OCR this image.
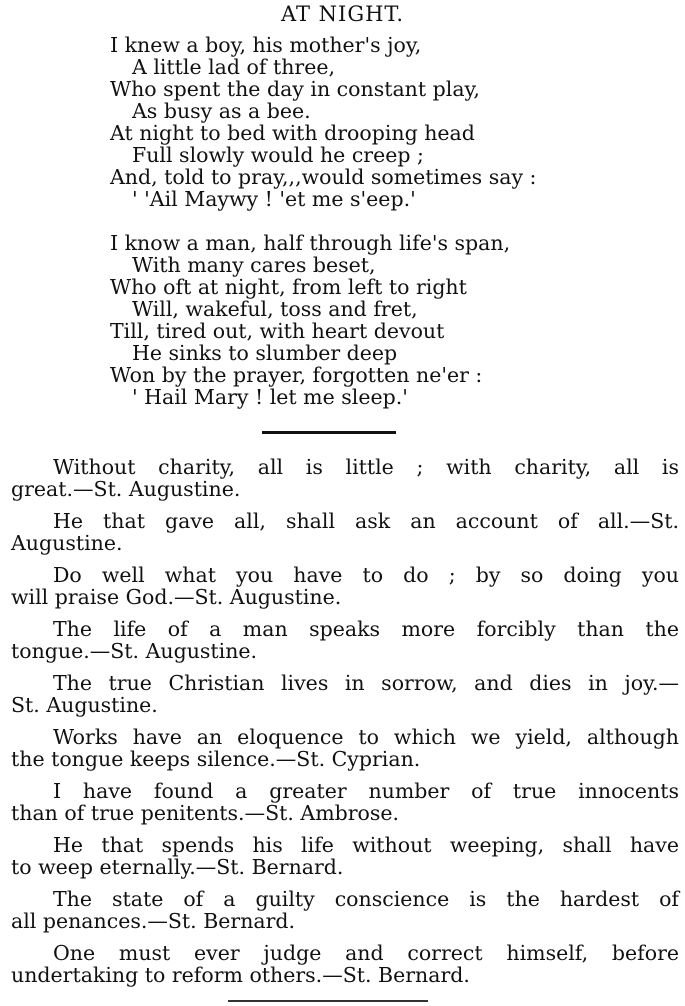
AT NIGHT.
I knew a boy, his mother's joy,
A little lad of three,
Who spent the day in constant play,
As busy as a bee.
At night to bed with drooping head
Full slowly would he creep ;
And, told to pray,,,would sometimes say :
' 'Ail Maywy ! 'et me s'eep.'
I know a man, half through life's span,
With many cares beset,
Who oft at night, from left to right
Will, wakeful, toss and fret,
Till, tired out, with heart devout
He sinks to slumber deep
Won by the prayer, forgotten ne'er :
' Hail Mary ! let me sleep.'

Without charity, all is little ; with charity, all is
great.—St. Augustine.

He that gave all, shall ask an account of all.—St.
Augustine.

Do well what you have to do ; by so doing you
will praise God.—St. Augustine.

The life of a man speaks more forcibly than the
tongue.—St. Augustine.

The true Christian lives in sorrow, and dies in joy.—
St. Augustine.

Works have an eloquence to which we yield, although
the tongue keeps silence.—St. Cyprian.

I have found a greater number of true innocents
than of true penitents.—St. Ambrose.

He that spends his life without weeping, shall have
to weep eternally.—St. Bernard.

The state of a guilty conscience is the hardest of
all penances.—St. Bernard.

One must ever judge and correct himself, before
undertaking to reform others.—St. Bernard.
